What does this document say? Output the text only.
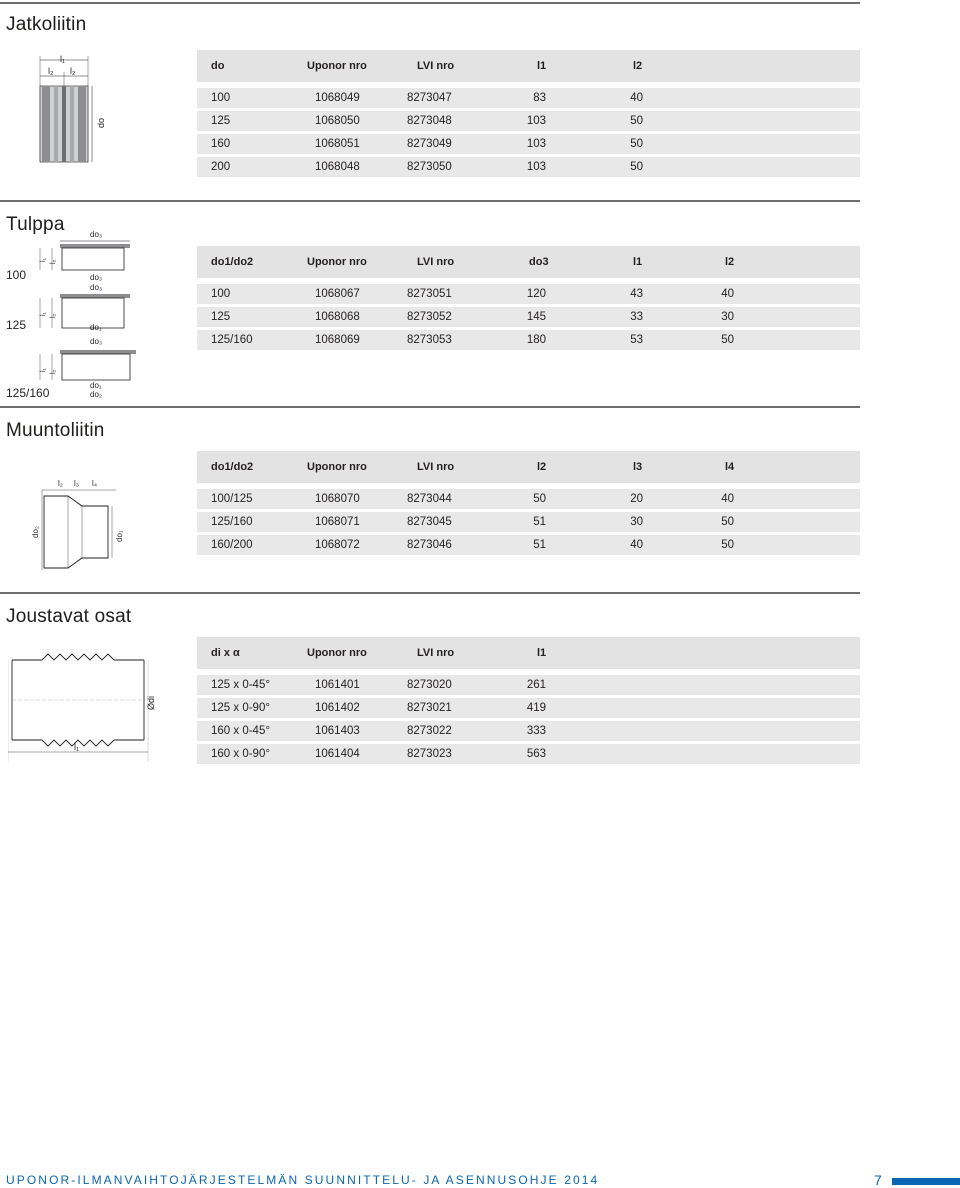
Jatkoliitin
l₁
l₂ l₂
do
do	Uponor nro	LVI nro	l1	l2
100	1068049	8273047	83	40
125	1068050	8273048	103	50
160	1068051	8273049	103	50
200	1068048	8273050	103	50
Tulppa
100
125
125/160
do₃
l₁ l₂
do₃
do₃
l₁ l₂
do₁
do₃
l₁ l₂
do₁
do₂
do1/do2	Uponor nro	LVI nro	do3	l1	l2
100	1068067	8273051	120	43	40
125	1068068	8273052	145	33	30
125/160	1068069	8273053	180	53	50
Muuntoliitin
l₂ l₃ l₄
do₂	do₁
do1/do2	Uponor nro	LVI nro	l2	l3	l4
100/125	1068070	8273044	50	20	40
125/160	1068071	8273045	51	30	50
160/200	1068072	8273046	51	40	50
Joustavat osat
Ødi
l₁
di x α	Uponor nro	LVI nro	l1
125 x 0-45°	1061401	8273020	261
125 x 0-90°	1061402	8273021	419
160 x 0-45°	1061403	8273022	333
160 x 0-90°	1061404	8273023	563
UPONOR-ILMANVAIHTOJÄRJESTELMÄN SUUNNITTELU- JA ASENNUSOHJE 2014	7
